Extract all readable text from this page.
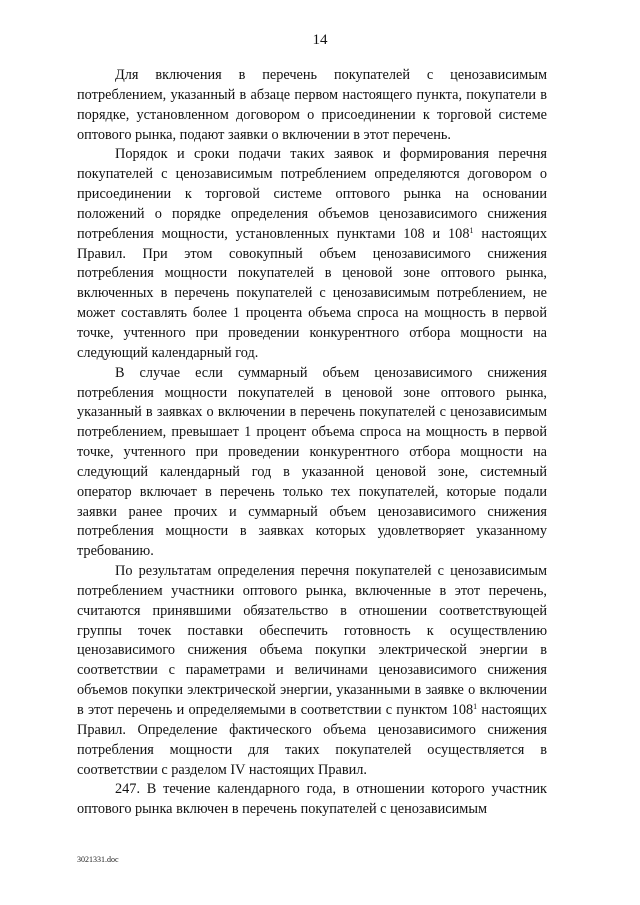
14

Для включения в перечень покупателей с ценозависимым потреблением, указанный в абзаце первом настоящего пункта, покупатели в порядке, установленном договором о присоединении к торговой системе оптового рынка, подают заявки о включении в этот перечень.

Порядок и сроки подачи таких заявок и формирования перечня покупателей с ценозависимым потреблением определяются договором о присоединении к торговой системе оптового рынка на основании положений о порядке определения объемов ценозависимого снижения потребления мощности, установленных пунктами 108 и $108^1$ настоящих Правил. При этом совокупный объем ценозависимого снижения потребления мощности покупателей в ценовой зоне оптового рынка, включенных в перечень покупателей с ценозависимым потреблением, не может составлять более 1 процента объема спроса на мощность в первой точке, учтенного при проведении конкурентного отбора мощности на следующий календарный год.

В случае если суммарный объем ценозависимого снижения потребления мощности покупателей в ценовой зоне оптового рынка, указанный в заявках о включении в перечень покупателей с ценозависимым потреблением, превышает 1 процент объема спроса на мощность в первой точке, учтенного при проведении конкурентного отбора мощности на следующий календарный год в указанной ценовой зоне, системный оператор включает в перечень только тех покупателей, которые подали заявки ранее прочих и суммарный объем ценозависимого снижения потребления мощности в заявках которых удовлетворяет указанному требованию.

По результатам определения перечня покупателей с ценозависимым потреблением участники оптового рынка, включенные в этот перечень, считаются принявшими обязательство в отношении соответствующей группы точек поставки обеспечить готовность к осуществлению ценозависимого снижения объема покупки электрической энергии в соответствии с параметрами и величинами ценозависимого снижения объемов покупки электрической энергии, указанными в заявке о включении в этот перечень и определяемыми в соответствии с пунктом $108^1$ настоящих Правил. Определение фактического объема ценозависимого снижения потребления мощности для таких покупателей осуществляется в соответствии с разделом IV настоящих Правил.

247. В течение календарного года, в отношении которого участник оптового рынка включен в перечень покупателей с ценозависимым

3021331.doc
